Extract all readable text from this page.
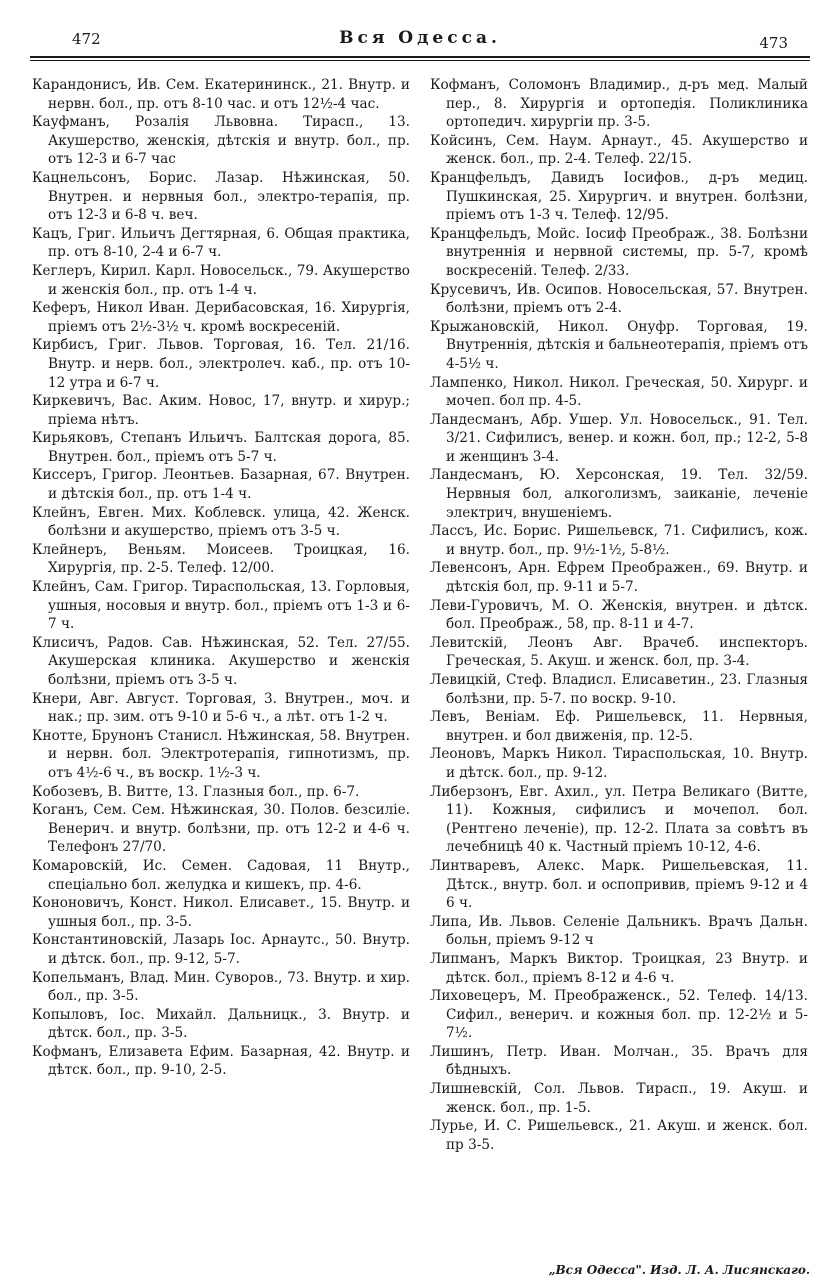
472	Вся Одесса.	473

Карандонисъ, Ив. Сем. Екатерининск., 21. Внутр. и нервн. бол., пр. отъ 8-10 час. и отъ 12½-4 час.

Кауфманъ, Розалія Львовна. Тирасп., 13. Акушерство, женскія, дѣтскія и внутр. бол., пр. отъ 12-3 и 6-7 час

Кацнельсонъ, Борис. Лазар. Нѣжинская, 50. Внутрен. и нервныя бол., электро-терапія, пр. отъ 12-3 и 6-8 ч. веч.

Кацъ, Григ. Ильичъ Дегтярная, 6. Общая практика, пр. отъ 8-10, 2-4 и 6-7 ч.

Кеглеръ, Кирил. Карл. Новосельск., 79. Акушерство и женскія бол., пр. отъ 1-4 ч.

Кеферъ, Никол Иван. Дерибасовская, 16. Хирургія, пріемъ отъ 2½-3½ ч. кромѣ воскресеній.

Кирбисъ, Григ. Львов. Торговая, 16. Тел. 21/16. Внутр. и нерв. бол., электролеч. каб., пр. отъ 10-12 утра и 6-7 ч.

Киркевичъ, Вас. Аким. Новос, 17, внутр. и хирур.; пріема нѣтъ.

Кирьяковъ, Степанъ Ильичъ. Балтская дорога, 85. Внутрен. бол., пріемъ отъ 5-7 ч.

Киссеръ, Григор. Леонтьев. Базарная, 67. Внутрен. и дѣтскія бол., пр. отъ 1-4 ч.

Клейнъ, Евген. Мих. Коблевск. улица, 42. Женск. болѣзни и акушерство, пріемъ отъ 3-5 ч.

Клейнеръ, Веньям. Моисеев. Троицкая, 16. Хирургія, пр. 2-5. Телеф. 12/00.

Клейнъ, Сам. Григор. Тираспольская, 13. Горловыя, ушныя, носовыя и внутр. бол., пріемъ отъ 1-3 и 6-7 ч.

Клисичъ, Радов. Сав. Нѣжинская, 52. Тел. 27/55. Акушерская клиника. Акушерство и женскія болѣзни, пріемъ отъ 3-5 ч.

Кнери, Авг. Август. Торговая, 3. Внутрен., моч. и нак.; пр. зим. отъ 9-10 и 5-6 ч., а лѣт. отъ 1-2 ч.

Кнотте, Брунонъ Станисл. Нѣжинская, 58. Внутрен. и нервн. бол. Электротерапія, гипнотизмъ, пр. отъ 4½-6 ч., въ воскр. 1½-3 ч.

Кобозевъ, В. Витте, 13. Глазныя бол., пр. 6-7.

Коганъ, Сем. Сем. Нѣжинская, 30. Полов. безсиліе. Венерич. и внутр. болѣзни, пр. отъ 12-2 и 4-6 ч. Телефонъ 27/70.

Комаровскій, Ис. Семен. Садовая, 11 Внутр., спеціально бол. желудка и кишекъ, пр. 4-6.

Кононовичъ, Конст. Никол. Елисавет., 15. Внутр. и ушныя бол., пр. 3-5.

Константиновскій, Лазарь Іос. Арнаутс., 50. Внутр. и дѣтск. бол., пр. 9-12, 5-7.

Копельманъ, Влад. Мин. Суворов., 73. Внутр. и хир. бол., пр. 3-5.

Копыловъ, Іос. Михайл. Дальницк., 3. Внутр. и дѣтск. бол., пр. 3-5.

Кофманъ, Елизавета Ефим. Базарная, 42. Внутр. и дѣтск. бол., пр. 9-10, 2-5.

Кофманъ, Соломонъ Владимир., д-ръ мед. Малый пер., 8. Хирургія и ортопедія. Поликлиника ортопедич. хирургіи пр. 3-5.

Койсинъ, Сем. Наум. Арнаут., 45. Акушерство и женск. бол., пр. 2-4. Телеф. 22/15.

Кранцфельдъ, Давидъ Іосифов., д-ръ медиц. Пушкинская, 25. Хирургич. и внутрен. болѣзни, пріемъ отъ 1-3 ч. Телеф. 12/95.

Кранцфельдъ, Мойс. Іосиф Преображ., 38. Болѣзни внутреннія и нервной системы, пр. 5-7, кромѣ воскресеній. Телеф. 2/33.

Крусевичъ, Ив. Осипов. Новосельская, 57. Внутрен. болѣзни, пріемъ отъ 2-4.

Крыжановскій, Никол. Онуфр. Торговая, 19. Внутреннія, дѣтскія и бальнеотерапія, пріемъ отъ 4-5½ ч.

Лампенко, Никол. Никол. Греческая, 50. Хирург. и мочеп. бол пр. 4-5.

Ландесманъ, Абр. Ушер. Ул. Новосельск., 91. Тел. 3/21. Сифилисъ, венер. и кожн. бол, пр.; 12-2, 5-8 и женщинъ 3-4.

Ландесманъ, Ю. Херсонская, 19. Тел. 32/59. Нервныя бол, алкоголизмъ, заиканіе, леченіе электрич, внушеніемъ.

Лассъ, Ис. Борис. Ришельевск, 71. Сифилисъ, кож. и внутр. бол., пр. 9½-1½, 5-8½.

Левенсонъ, Арн. Ефрем Преображен., 69. Внутр. и дѣтскія бол, пр. 9-11 и 5-7.

Леви-Гуровичъ, М. О. Женскія, внутрен. и дѣтск. бол. Преображ., 58, пр. 8-11 и 4-7.

Левитскій, Леонъ Авг. Врачеб. инспекторъ. Греческая, 5. Акуш. и женск. бол, пр. 3-4.

Левицкій, Стеф. Владисл. Елисаветин., 23. Глазныя болѣзни, пр. 5-7. по воскр. 9-10.

Левъ, Веніам. Еф. Ришельевск, 11. Нервныя, внутрен. и бол движенія, пр. 12-5.

Леоновъ, Маркъ Никол. Тираспольская, 10. Внутр. и дѣтск. бол., пр. 9-12.

Либерзонъ, Евг. Ахил., ул. Петра Великаго (Витте, 11). Кожныя, сифилисъ и мочепол. бол. (Рентгено леченіе), пр. 12-2. Плата за совѣтъ въ лечебницѣ 40 к. Частный пріемъ 10-12, 4-6.

Линтваревъ, Алекс. Марк. Ришельевская, 11. Дѣтск., внутр. бол. и оспопривив, пріемъ 9-12 и 4 6 ч.

Липа, Ив. Львов. Селеніе Дальникъ. Врачъ Дальн. больн, пріемъ 9-12 ч

Липманъ, Маркъ Виктор. Троицкая, 23 Внутр. и дѣтск. бол., пріемъ 8-12 и 4-6 ч.

Лиховецеръ, М. Преображенск., 52. Телеф. 14/13. Сифил., венерич. и кожныя бол. пр. 12-2½ и 5-7½.

Лишинъ, Петр. Иван. Молчан., 35. Врачъ для бѣдныхъ.

Лишневскій, Сол. Львов. Тирасп., 19. Акуш. и женск. бол., пр. 1-5.

Лурье, И. С. Ришельевск., 21. Акуш. и женск. бол. пр 3-5.

„Вся Одесса". Изд. Л. А. Лисянскаго.
